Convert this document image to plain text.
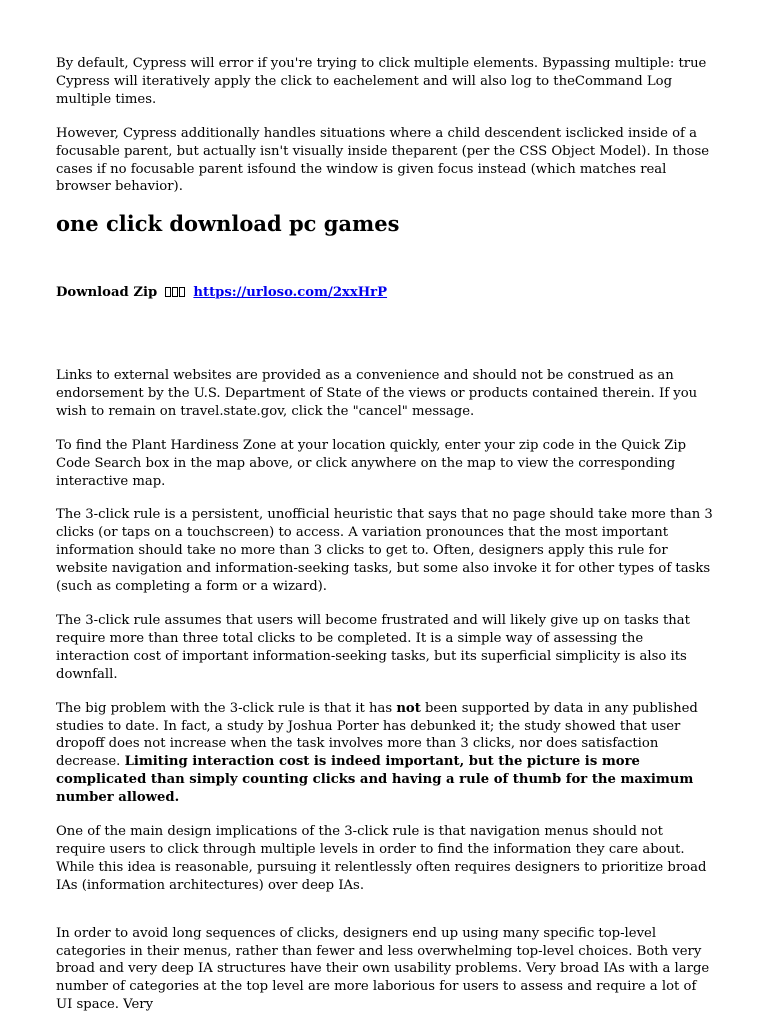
By default, Cypress will error if you're trying to click multiple elements. Bypassing multiple: true Cypress will iteratively apply the click to eachelement and will also log to theCommand Log multiple times.

However, Cypress additionally handles situations where a child descendent isclicked inside of a focusable parent, but actually isn't visually inside theparent (per the CSS Object Model). In those cases if no focusable parent isfound the window is given focus instead (which matches real browser behavior).

one click download pc games
Download Zip	https://urloso.com/2xxHrP

Links to external websites are provided as a convenience and should not be construed as an endorsement by the U.S. Department of State of the views or products contained therein. If you wish to remain on travel.state.gov, click the "cancel" message.

To find the Plant Hardiness Zone at your location quickly, enter your zip code in the Quick Zip Code Search box in the map above, or click anywhere on the map to view the corresponding interactive map.

The 3-click rule is a persistent, unofficial heuristic that says that no page should take more than 3 clicks (or taps on a touchscreen) to access. A variation pronounces that the most important information should take no more than 3 clicks to get to. Often, designers apply this rule for website navigation and information-seeking tasks, but some also invoke it for other types of tasks (such as completing a form or a wizard).

The 3-click rule assumes that users will become frustrated and will likely give up on tasks that require more than three total clicks to be completed. It is a simple way of assessing the interaction cost of important information-seeking tasks, but its superficial simplicity is also its downfall.

The big problem with the 3-click rule is that it has not been supported by data in any published studies to date. In fact, a study by Joshua Porter has debunked it; the study showed that user dropoff does not increase when the task involves more than 3 clicks, nor does satisfaction decrease. Limiting interaction cost is indeed important, but the picture is more complicated than simply counting clicks and having a rule of thumb for the maximum number allowed.

One of the main design implications of the 3-click rule is that navigation menus should not require users to click through multiple levels in order to find the information they care about. While this idea is reasonable, pursuing it relentlessly often requires designers to prioritize broad IAs (information architectures) over deep IAs.

In order to avoid long sequences of clicks, designers end up using many specific top-level categories in their menus, rather than fewer and less overwhelming top-level choices. Both very broad and very deep IA structures have their own usability problems. Very broad IAs with a large number of categories at the top level are more laborious for users to assess and require a lot of UI space. Very
